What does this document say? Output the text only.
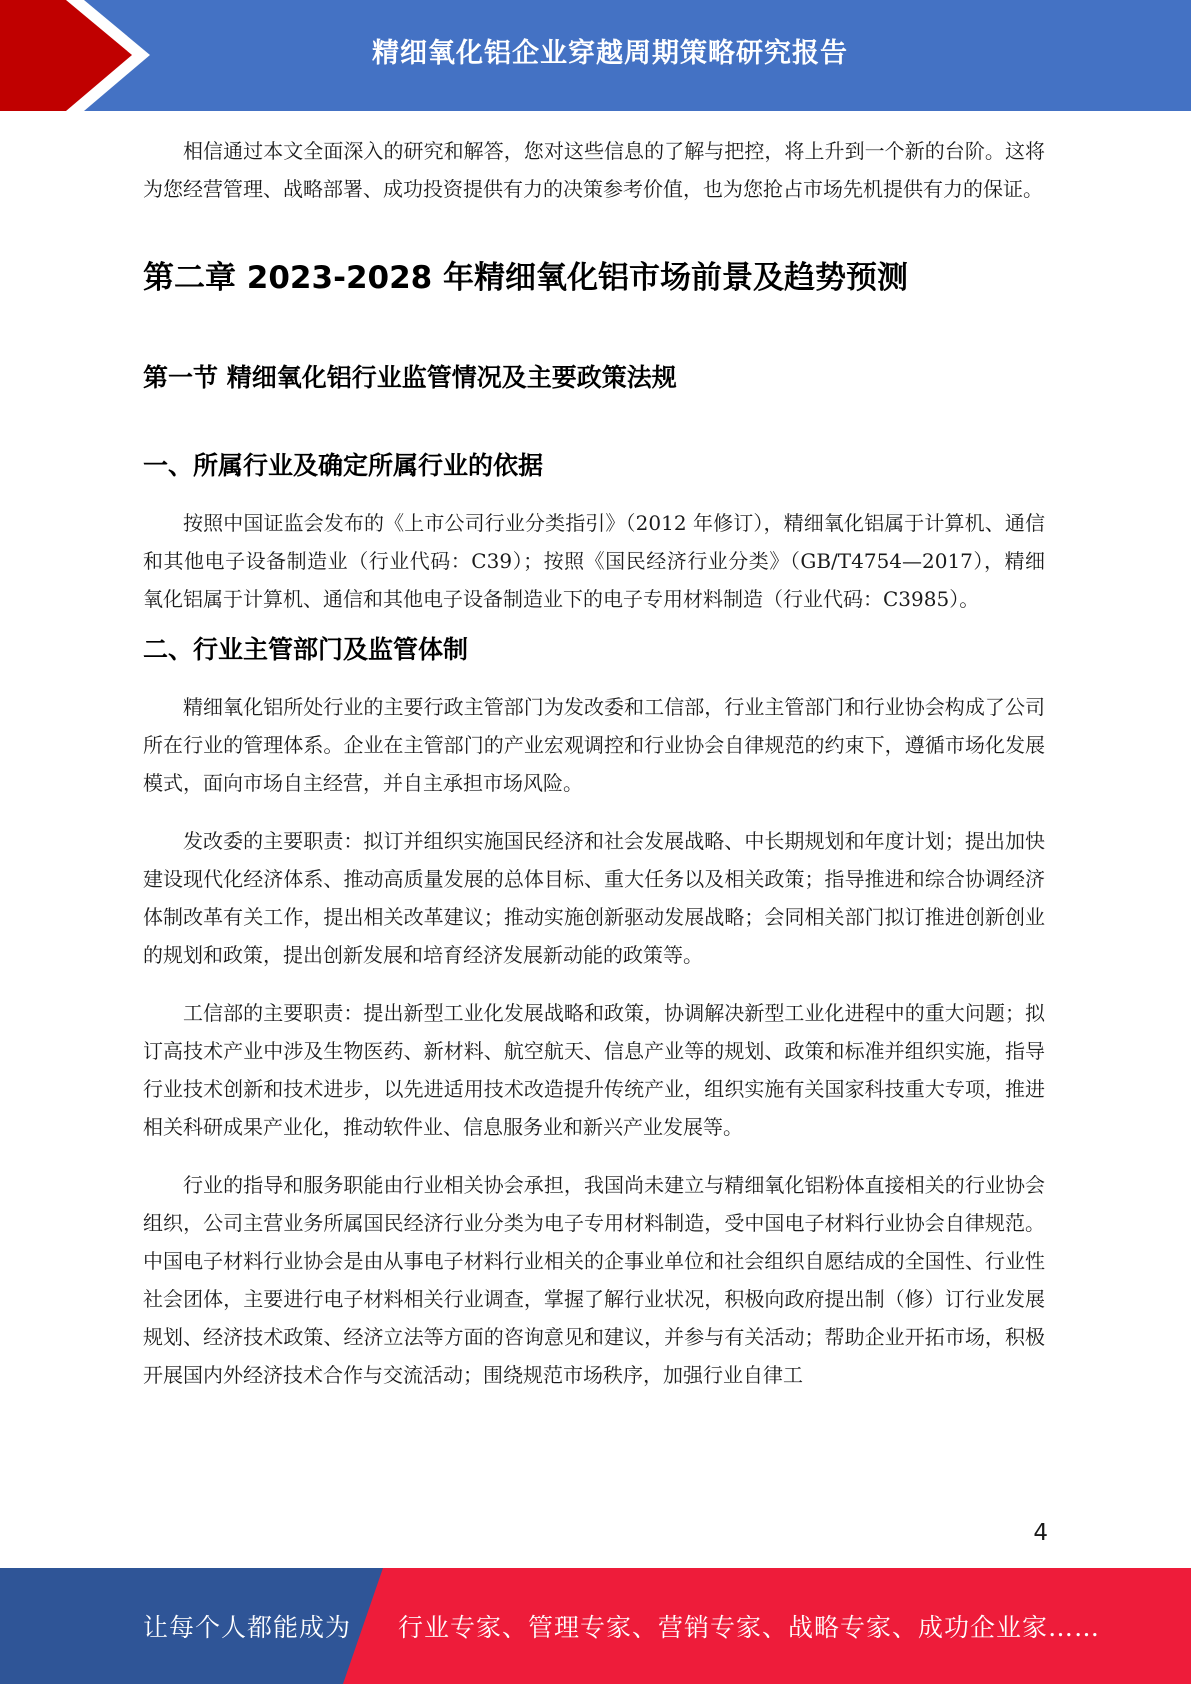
精细氧化铝企业穿越周期策略研究报告

相信通过本文全面深入的研究和解答，您对这些信息的了解与把控，将上升到一个新的台阶。这将为您经营管理、战略部署、成功投资提供有力的决策参考价值，也为您抢占市场先机提供有力的保证。

第二章 2023-2028 年精细氧化铝市场前景及趋势预测
第一节 精细氧化铝行业监管情况及主要政策法规
一、所属行业及确定所属行业的依据

按照中国证监会发布的《上市公司行业分类指引》（2012 年修订），精细氧化铝属于计算机、通信和其他电子设备制造业（行业代码：C39）；按照《国民经济行业分类》（GB/T4754—2017），精细氧化铝属于计算机、通信和其他电子设备制造业下的电子专用材料制造（行业代码：C3985）。

二、行业主管部门及监管体制

精细氧化铝所处行业的主要行政主管部门为发改委和工信部，行业主管部门和行业协会构成了公司所在行业的管理体系。企业在主管部门的产业宏观调控和行业协会自律规范的约束下，遵循市场化发展模式，面向市场自主经营，并自主承担市场风险。

发改委的主要职责：拟订并组织实施国民经济和社会发展战略、中长期规划和年度计划；提出加快建设现代化经济体系、推动高质量发展的总体目标、重大任务以及相关政策；指导推进和综合协调经济体制改革有关工作，提出相关改革建议；推动实施创新驱动发展战略；会同相关部门拟订推进创新创业的规划和政策，提出创新发展和培育经济发展新动能的政策等。

工信部的主要职责：提出新型工业化发展战略和政策，协调解决新型工业化进程中的重大问题；拟订高技术产业中涉及生物医药、新材料、航空航天、信息产业等的规划、政策和标准并组织实施，指导行业技术创新和技术进步，以先进适用技术改造提升传统产业，组织实施有关国家科技重大专项，推进相关科研成果产业化，推动软件业、信息服务业和新兴产业发展等。

行业的指导和服务职能由行业相关协会承担，我国尚未建立与精细氧化铝粉体直接相关的行业协会组织，公司主营业务所属国民经济行业分类为电子专用材料制造，受中国电子材料行业协会自律规范。中国电子材料行业协会是由从事电子材料行业相关的企事业单位和社会组织自愿结成的全国性、行业性社会团体，主要进行电子材料相关行业调查，掌握了解行业状况，积极向政府提出制（修）订行业发展规划、经济技术政策、经济立法等方面的咨询意见和建议，并参与有关活动；帮助企业开拓市场，积极开展国内外经济技术合作与交流活动；围绕规范市场秩序，加强行业自律工

4
让每个人都能成为 行业专家、管理专家、营销专家、战略专家、成功企业家……
